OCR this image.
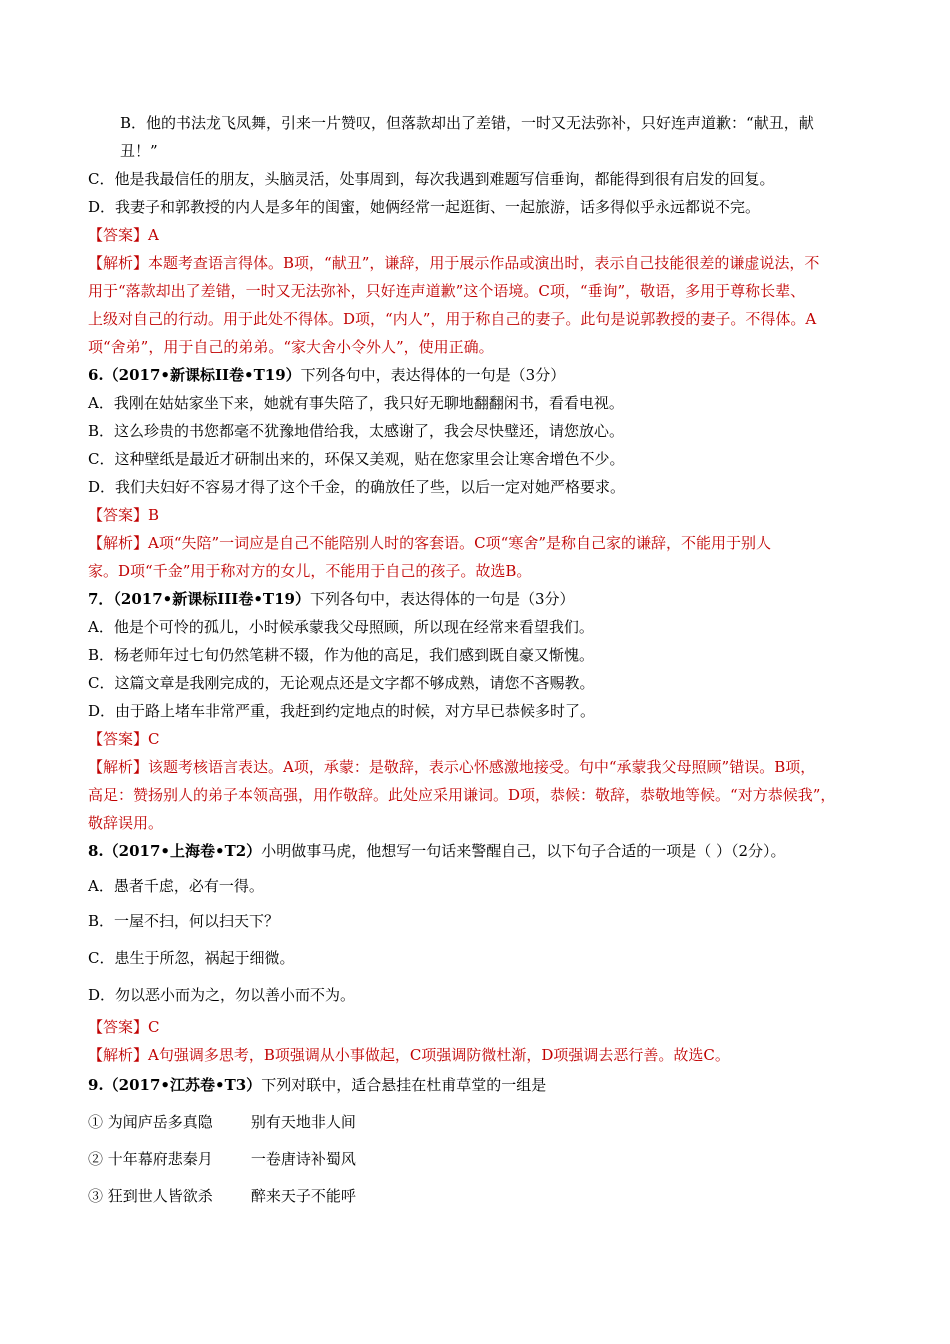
B．他的书法龙飞凤舞，引来一片赞叹，但落款却出了差错，一时又无法弥补，只好连声道歉：“献丑，献
丑！”
C．他是我最信任的朋友，头脑灵活，处事周到，每次我遇到难题写信垂询，都能得到很有启发的回复。
D．我妻子和郭教授的内人是多年的闺蜜，她俩经常一起逛街、一起旅游，话多得似乎永远都说不完。
【答案】A
【解析】本题考查语言得体。B项，“献丑”，谦辞，用于展示作品或演出时，表示自己技能很差的谦虚说法，不
用于“落款却出了差错，一时又无法弥补，只好连声道歉”这个语境。C项，“垂询”，敬语，多用于尊称长辈、
上级对自己的行动。用于此处不得体。D项，“内人”，用于称自己的妻子。此句是说郭教授的妻子。不得体。A
项“舍弟”，用于自己的弟弟。“家大舍小令外人”，使用正确。
6.（2017•新课标II卷•T19）下列各句中，表达得体的一句是（3分）
A．我刚在姑姑家坐下来，她就有事失陪了，我只好无聊地翻翻闲书，看看电视。
B．这么珍贵的书您都毫不犹豫地借给我，太感谢了，我会尽快璧还，请您放心。
C．这种壁纸是最近才研制出来的，环保又美观，贴在您家里会让寒舍增色不少。
D．我们夫妇好不容易才得了这个千金，的确放任了些，以后一定对她严格要求。
【答案】B
【解析】A项“失陪”一词应是自己不能陪别人时的客套语。C项“寒舍”是称自己家的谦辞，不能用于别人
家。D项“千金”用于称对方的女儿，不能用于自己的孩子。故选B。
7．（2017•新课标III卷•T19）下列各句中，表达得体的一句是（3分）
A．他是个可怜的孤儿，小时候承蒙我父母照顾，所以现在经常来看望我们。
B．杨老师年过七旬仍然笔耕不辍，作为他的高足，我们感到既自豪又惭愧。
C．这篇文章是我刚完成的，无论观点还是文字都不够成熟，请您不吝赐教。
D．由于路上堵车非常严重，我赶到约定地点的时候，对方早已恭候多时了。
【答案】C
【解析】该题考核语言表达。A项，承蒙：是敬辞，表示心怀感激地接受。句中“承蒙我父母照顾”错误。B项，
高足：赞扬别人的弟子本领高强，用作敬辞。此处应采用谦词。D项，恭候：敬辞，恭敬地等候。“对方恭候我”，
敬辞误用。
8.（2017•上海卷•T2）小明做事马虎，他想写一句话来警醒自己，以下句子合适的一项是（ ）（2分）。
A．愚者千虑，必有一得。
B．一屋不扫，何以扫天下？
C．患生于所忽，祸起于细微。
D．勿以恶小而为之，勿以善小而不为。
【答案】C
【解析】A句强调多思考，B项强调从小事做起，C项强调防微杜渐，D项强调去恶行善。故选C。
9.（2017•江苏卷•T3）下列对联中，适合悬挂在杜甫草堂的一组是
① 为闻庐岳多真隐        别有天地非人间
② 十年幕府悲秦月        一卷唐诗补蜀风
③ 狂到世人皆欲杀        醉来天子不能呼
